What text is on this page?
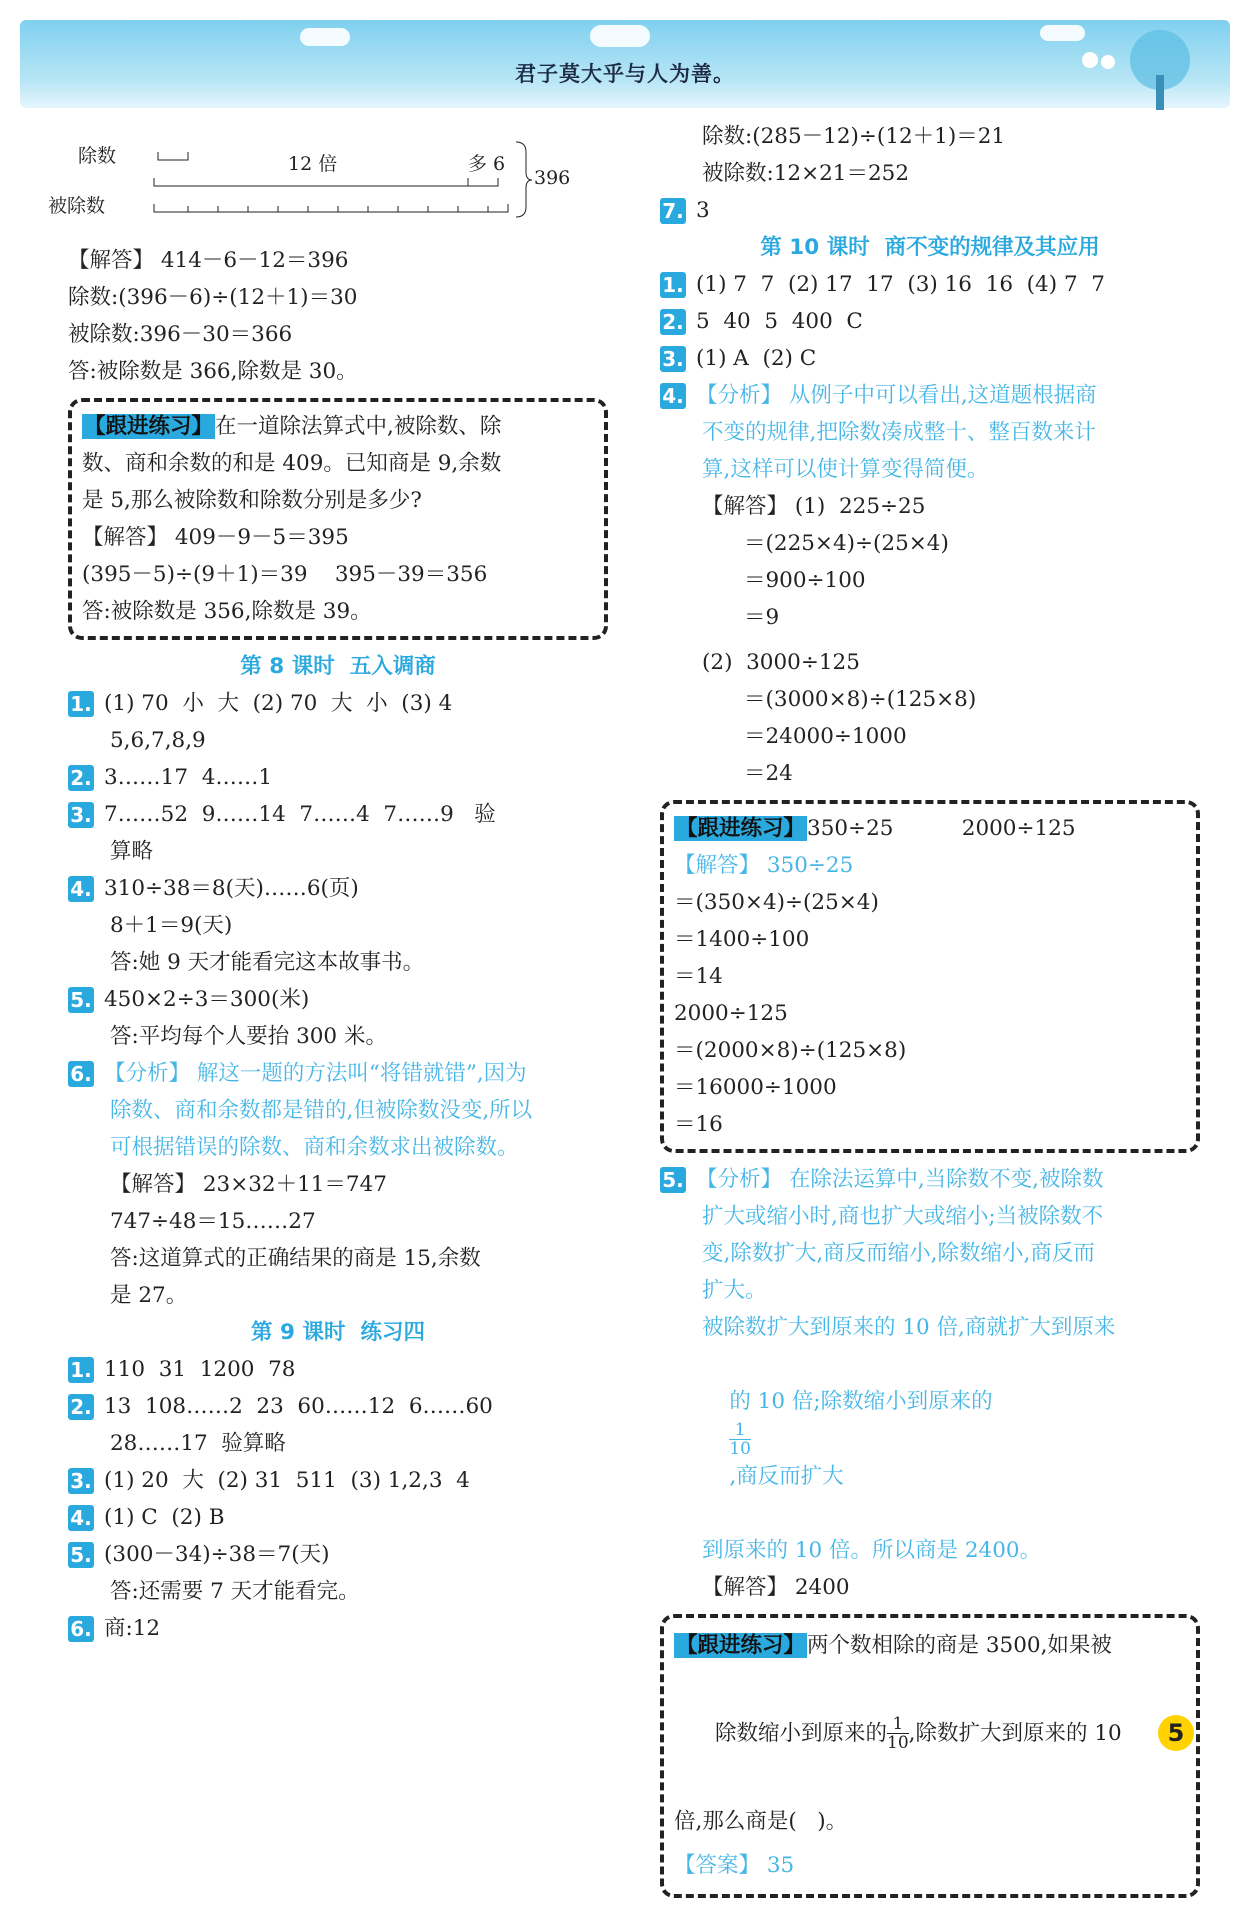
君子莫大乎与人为善。
除数	12 倍	多 6
396
被除数
【解答】 414－6－12＝396
除数:(396－6)÷(12＋1)＝30
被除数:396－30＝366
答:被除数是 366,除数是 30。
【跟进练习】在一道除法算式中,被除数、除
数、商和余数的和是 409。已知商是 9,余数
是 5,那么被除数和除数分别是多少?
【解答】 409－9－5＝395
(395－5)÷(9＋1)＝39    395－39＝356
答:被除数是 356,除数是 39。
第 8 课时  五入调商
1. (1) 70  小  大  (2) 70  大  小  (3) 4
5,6,7,8,9
2. 3……17  4……1
3. 7……52  9……14  7……4  7……9   验
算略
4. 310÷38＝8(天)……6(页)
8＋1＝9(天)
答:她 9 天才能看完这本故事书。
5. 450×2÷3＝300(米)
答:平均每个人要抬 300 米。
6. 【分析】 解这一题的方法叫“将错就错”,因为
除数、商和余数都是错的,但被除数没变,所以
可根据错误的除数、商和余数求出被除数。
【解答】 23×32＋11＝747
747÷48＝15……27
答:这道算式的正确结果的商是 15,余数
是 27。
第 9 课时  练习四
1. 110  31  1200  78
2. 13  108……2  23  60……12  6……60
28……17  验算略
3. (1) 20  大  (2) 31  511  (3) 1,2,3  4
4. (1) C  (2) B
5. (300－34)÷38＝7(天)
答:还需要 7 天才能看完。
6. 商:12
除数:(285－12)÷(12＋1)＝21
被除数:12×21＝252
7. 3
第 10 课时  商不变的规律及其应用
1. (1) 7  7  (2) 17  17  (3) 16  16  (4) 7  7
2. 5  40  5  400  C
3. (1) A  (2) C
4. 【分析】 从例子中可以看出,这道题根据商
不变的规律,把除数凑成整十、整百数来计
算,这样可以使计算变得简便。
【解答】 (1)  225÷25
＝(225×4)÷(25×4)
＝900÷100
＝9
(2)  3000÷125
＝(3000×8)÷(125×8)
＝24000÷1000
＝24
【跟进练习】350÷25          2000÷125
【解答】 350÷25
＝(350×4)÷(25×4)
＝1400÷100
＝14
2000÷125
＝(2000×8)÷(125×8)
＝16000÷1000
＝16
5. 【分析】 在除法运算中,当除数不变,被除数
扩大或缩小时,商也扩大或缩小;当被除数不
变,除数扩大,商反而缩小,除数缩小,商反而
扩大。
被除数扩大到原来的 10 倍,商就扩大到原来

的 10 倍;除数缩小到原来的

$\frac{1}{10}$

,商反而扩大

到原来的 10 倍。所以商是 2400。
【解答】 2400
【跟进练习】两个数相除的商是 3500,如果被

除数缩小到原来的 $\frac{1}{10}$ ,除数扩大到原来的 10

倍,那么商是(   )。
【答案】 35
5
